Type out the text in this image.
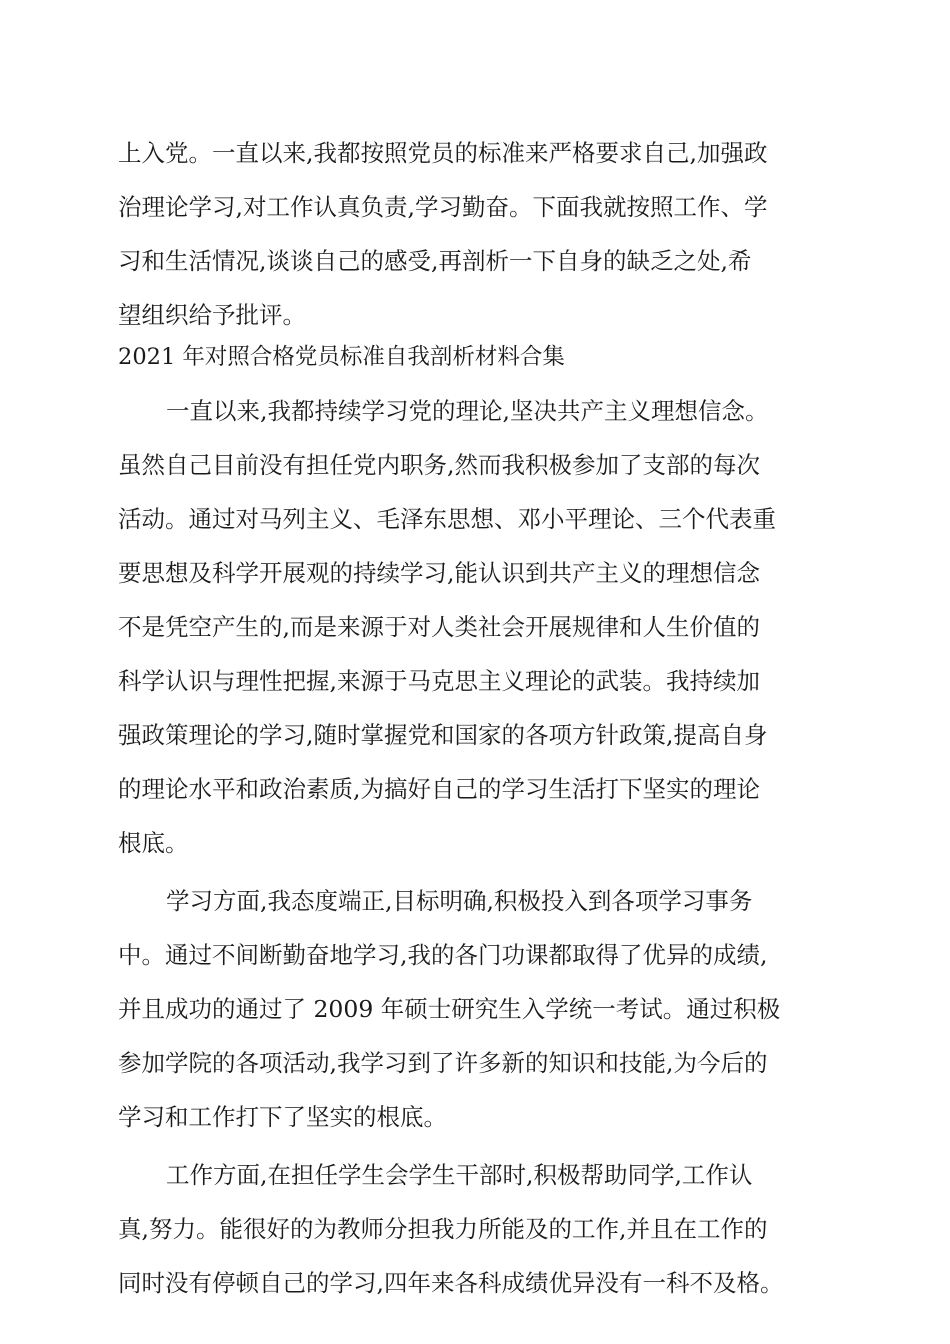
上入党。一直以来,我都按照党员的标准来严格要求自己,加强政
治理论学习,对工作认真负责,学习勤奋。下面我就按照工作、学
习和生活情况,谈谈自己的感受,再剖析一下自身的缺乏之处,希
望组织给予批评。
2021 年对照合格党员标准自我剖析材料合集
一直以来,我都持续学习党的理论,坚决共产主义理想信念。
虽然自己目前没有担任党内职务,然而我积极参加了支部的每次
活动。通过对马列主义、毛泽东思想、邓小平理论、三个代表重
要思想及科学开展观的持续学习,能认识到共产主义的理想信念
不是凭空产生的,而是来源于对人类社会开展规律和人生价值的
科学认识与理性把握,来源于马克思主义理论的武装。我持续加
强政策理论的学习,随时掌握党和国家的各项方针政策,提高自身
的理论水平和政治素质,为搞好自己的学习生活打下坚实的理论
根底。
学习方面,我态度端正,目标明确,积极投入到各项学习事务
中。通过不间断勤奋地学习,我的各门功课都取得了优异的成绩,
并且成功的通过了 2009 年硕士研究生入学统一考试。通过积极
参加学院的各项活动,我学习到了许多新的知识和技能,为今后的
学习和工作打下了坚实的根底。
工作方面,在担任学生会学生干部时,积极帮助同学,工作认
真,努力。能很好的为教师分担我力所能及的工作,并且在工作的
同时没有停顿自己的学习,四年来各科成绩优异没有一科不及格。
